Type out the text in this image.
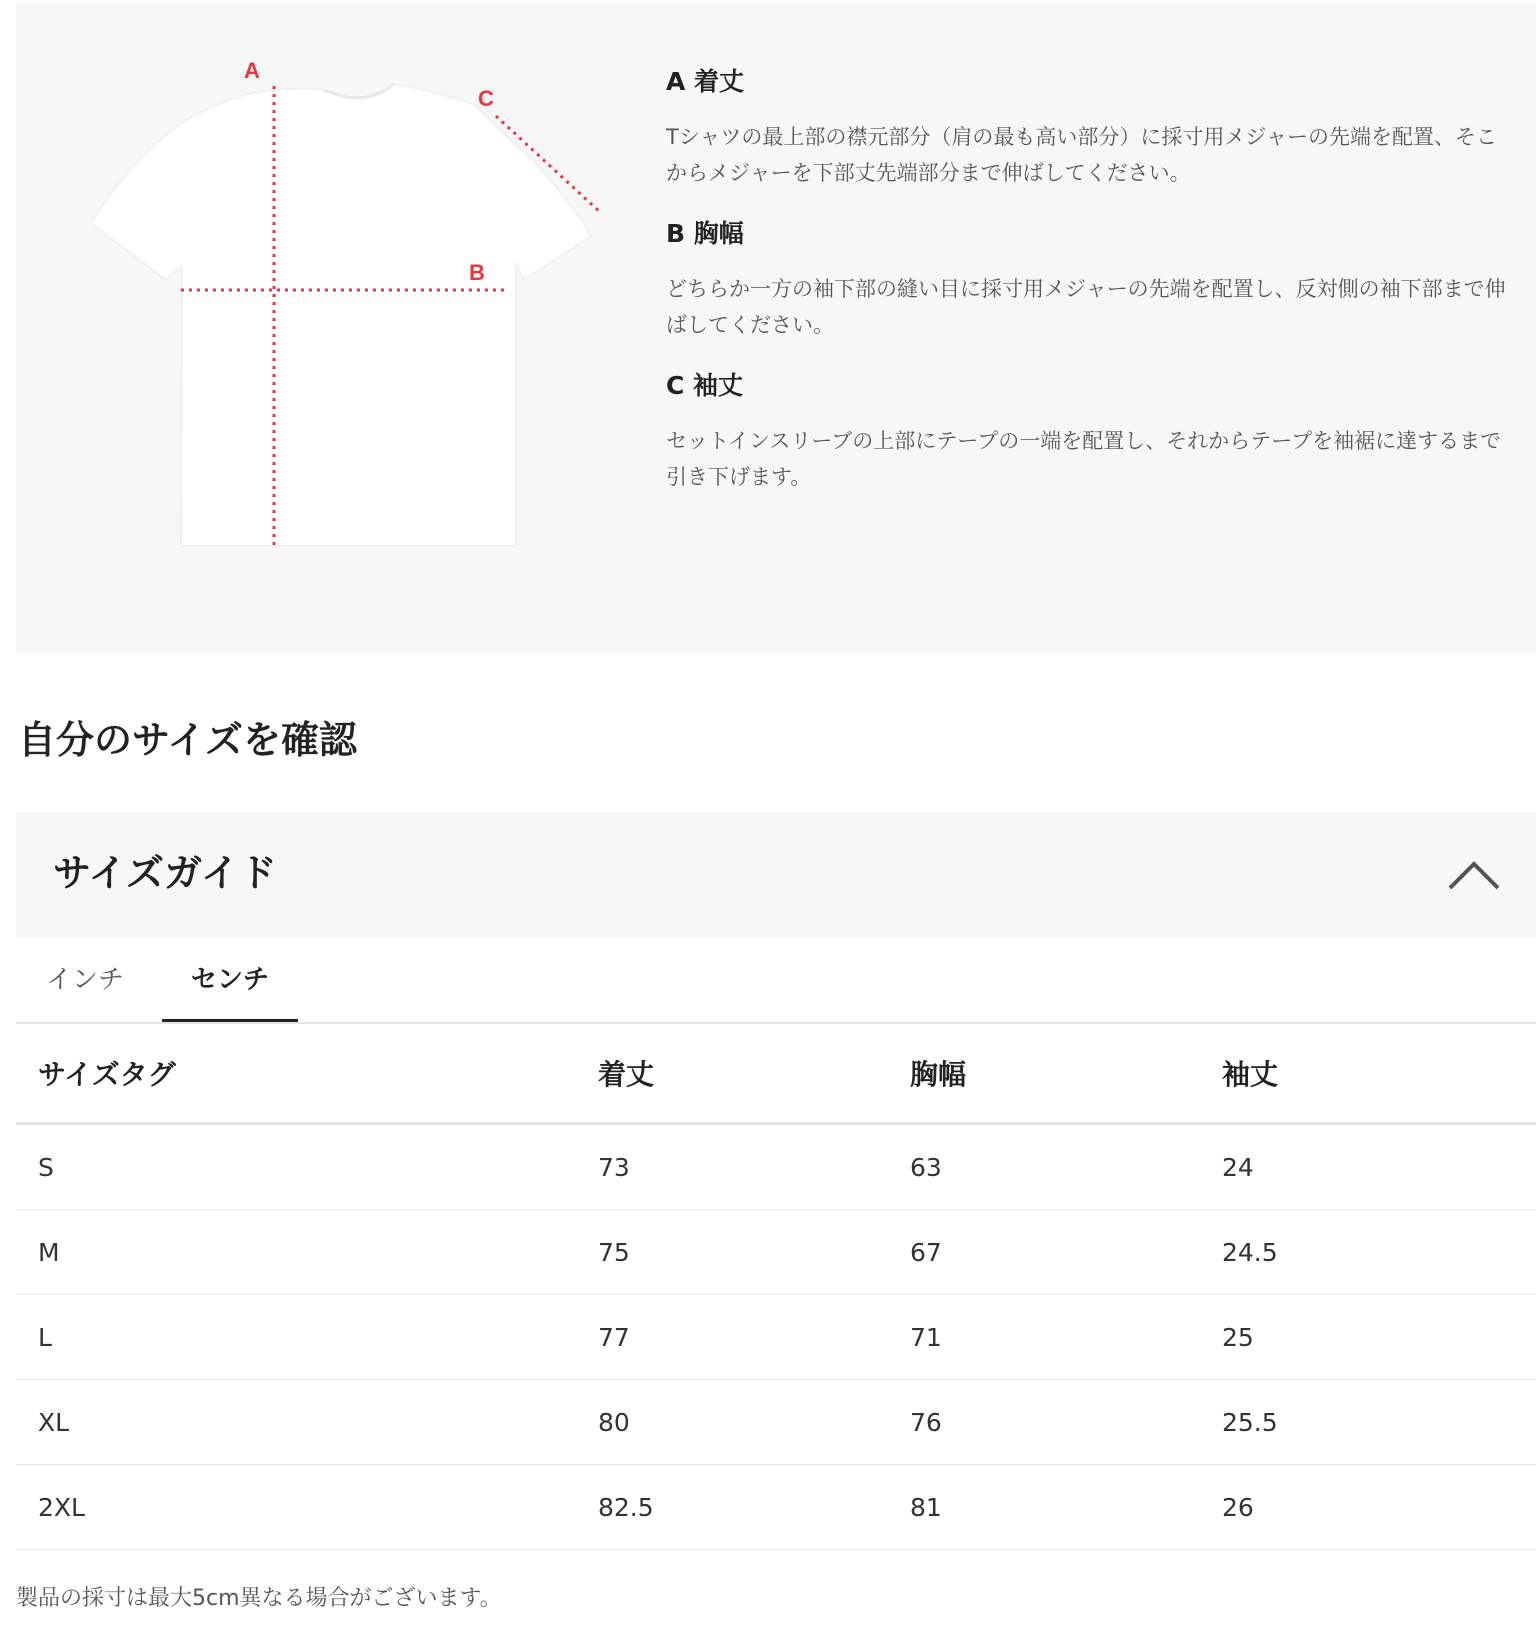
A
B
C

A 着丈

Tシャツの最上部の襟元部分（肩の最も高い部分）に採寸用メジャーの先端を配置、そこからメジャーを下部丈先端部分まで伸ばしてください。

B 胸幅

どちらか一方の袖下部の縫い目に採寸用メジャーの先端を配置し、反対側の袖下部まで伸ばしてください。

C 袖丈

セットインスリーブの上部にテープの一端を配置し、それからテープを袖裾に達するまで引き下げます。

自分のサイズを確認
サイズガイド
インチ	センチ
サイズタグ	着丈	胸幅	袖丈
S	73	63	24
M	75	67	24.5
L	77	71	25
XL	80	76	25.5
2XL	82.5	81	26

製品の採寸は最大5cm異なる場合がございます。
